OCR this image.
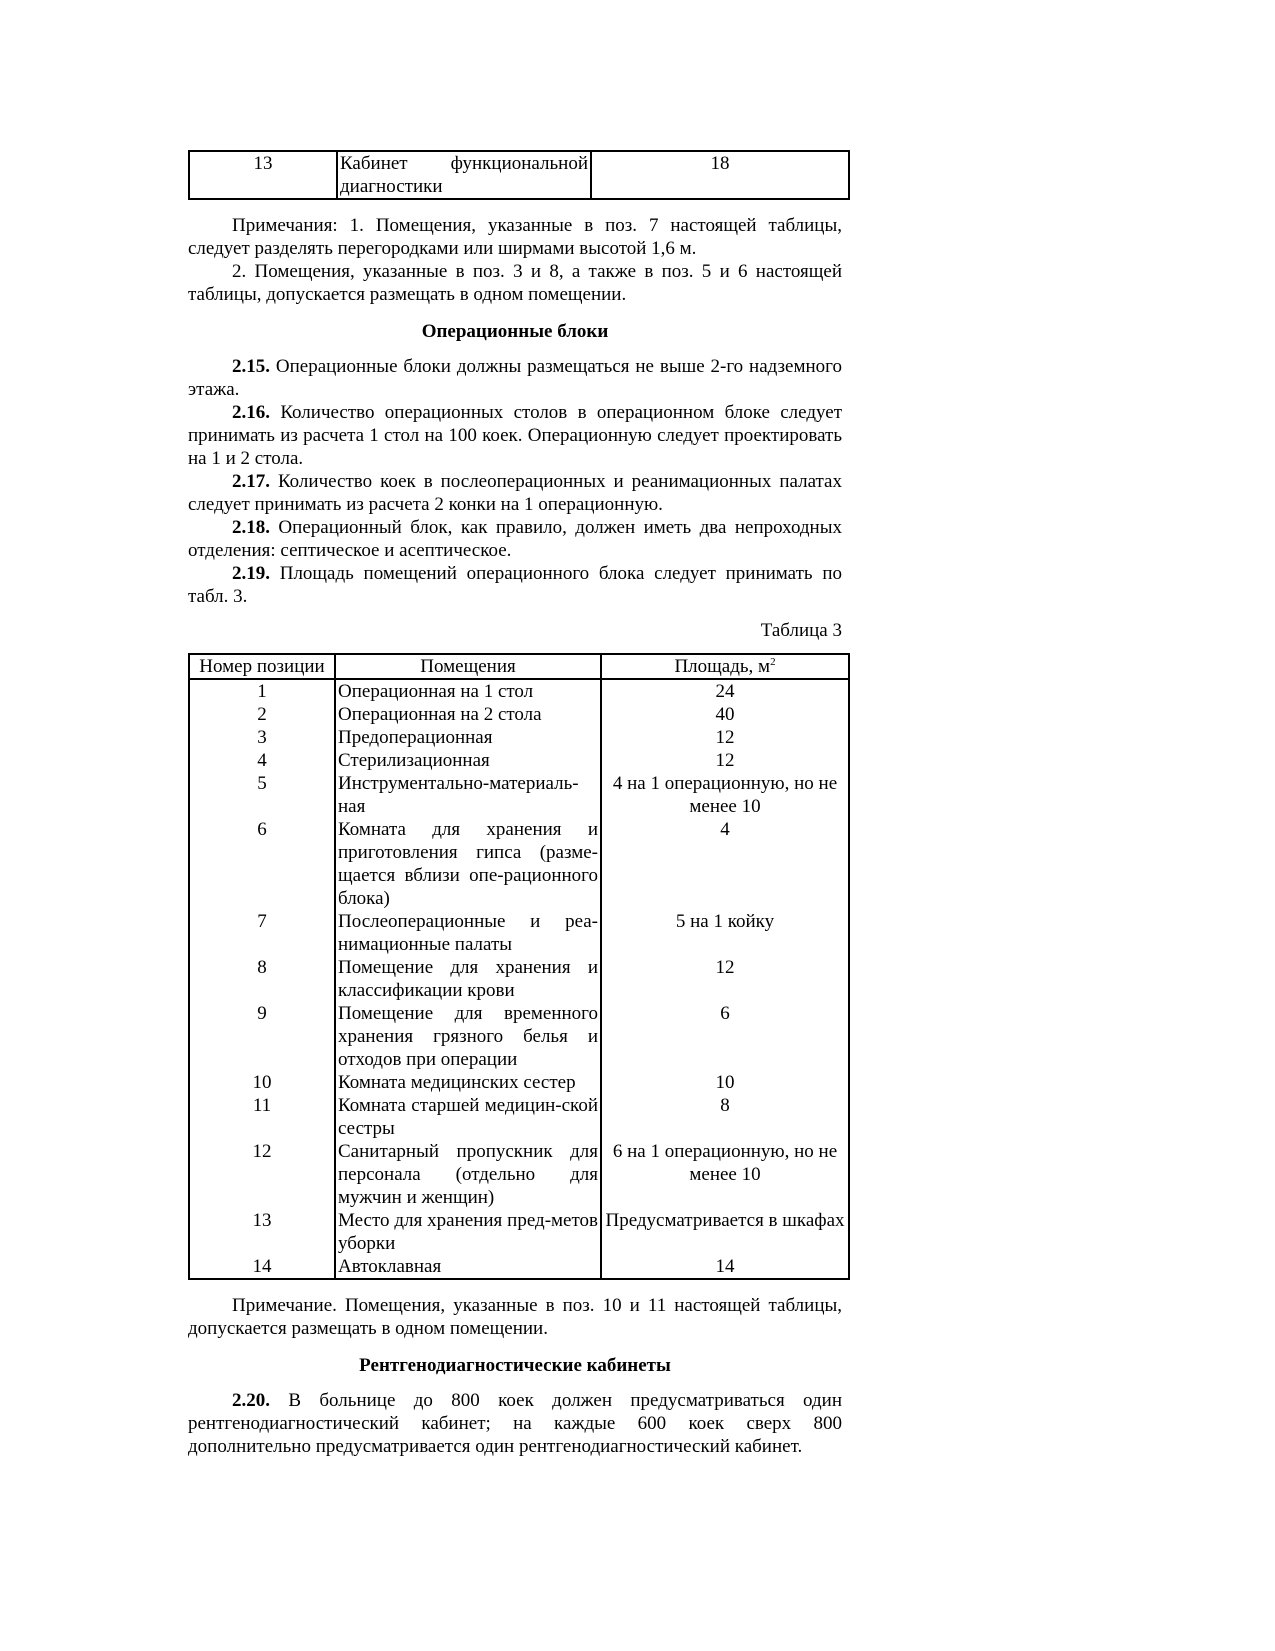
13	Кабинет функциональной диагностики	18

Примечания: 1. Помещения, указанные в поз. 7 настоящей таблицы, следует разделять перегородками или ширмами высотой 1,6 м.

2. Помещения, указанные в поз. 3 и 8, а также в поз. 5 и 6 настоящей таблицы, допускается размещать в одном помещении.

Операционные блоки

2.15. Операционные блоки должны размещаться не выше 2-го надземного этажа.

2.16. Количество операционных столов в операционном блоке следует принимать из расчета 1 стол на 100 коек. Операционную следует проектировать на 1 и 2 стола.

2.17. Количество коек в послеоперационных и реанимационных палатах следует принимать из расчета 2 конки на 1 операционную.

2.18. Операционный блок, как правило, должен иметь два непроходных отделения: септическое и асептическое.

2.19. Площадь помещений операционного блока следует принимать по табл. 3.

Таблица 3
Номер позиции	Помещения	Площадь, $м^2$
1	Операционная на 1 стол	24
2	Операционная на 2 стола	40
3	Предоперационная	12
4	Стерилизационная	12
5	Инструментально-материаль-ная	4 на 1 операционную, но не менее 10
6	Комната для хранения и приготовления гипса (разме-щается вблизи опе-рационного блока)	4
7	Послеоперационные и реа-нимационные палаты	5 на 1 койку
8	Помещение для хранения и классификации крови	12
9	Помещение для временного хранения грязного белья и отходов при операции	6
10	Комната медицинских сестер	10
11	Комната старшей медицин-ской сестры	8
12	Санитарный пропускник для персонала (отдельно для мужчин и женщин)	6 на 1 операционную, но не менее 10
13	Место для хранения пред-метов уборки	Предусматривается в шкафах
14	Автоклавная	14

Примечание. Помещения, указанные в поз. 10 и 11 настоящей таблицы, допускается размещать в одном помещении.

Рентгенодиагностические кабинеты

2.20. В больнице до 800 коек должен предусматриваться один рентгенодиагностический кабинет; на каждые 600 коек сверх 800 дополнительно предусматривается один рентгенодиагностический кабинет.
